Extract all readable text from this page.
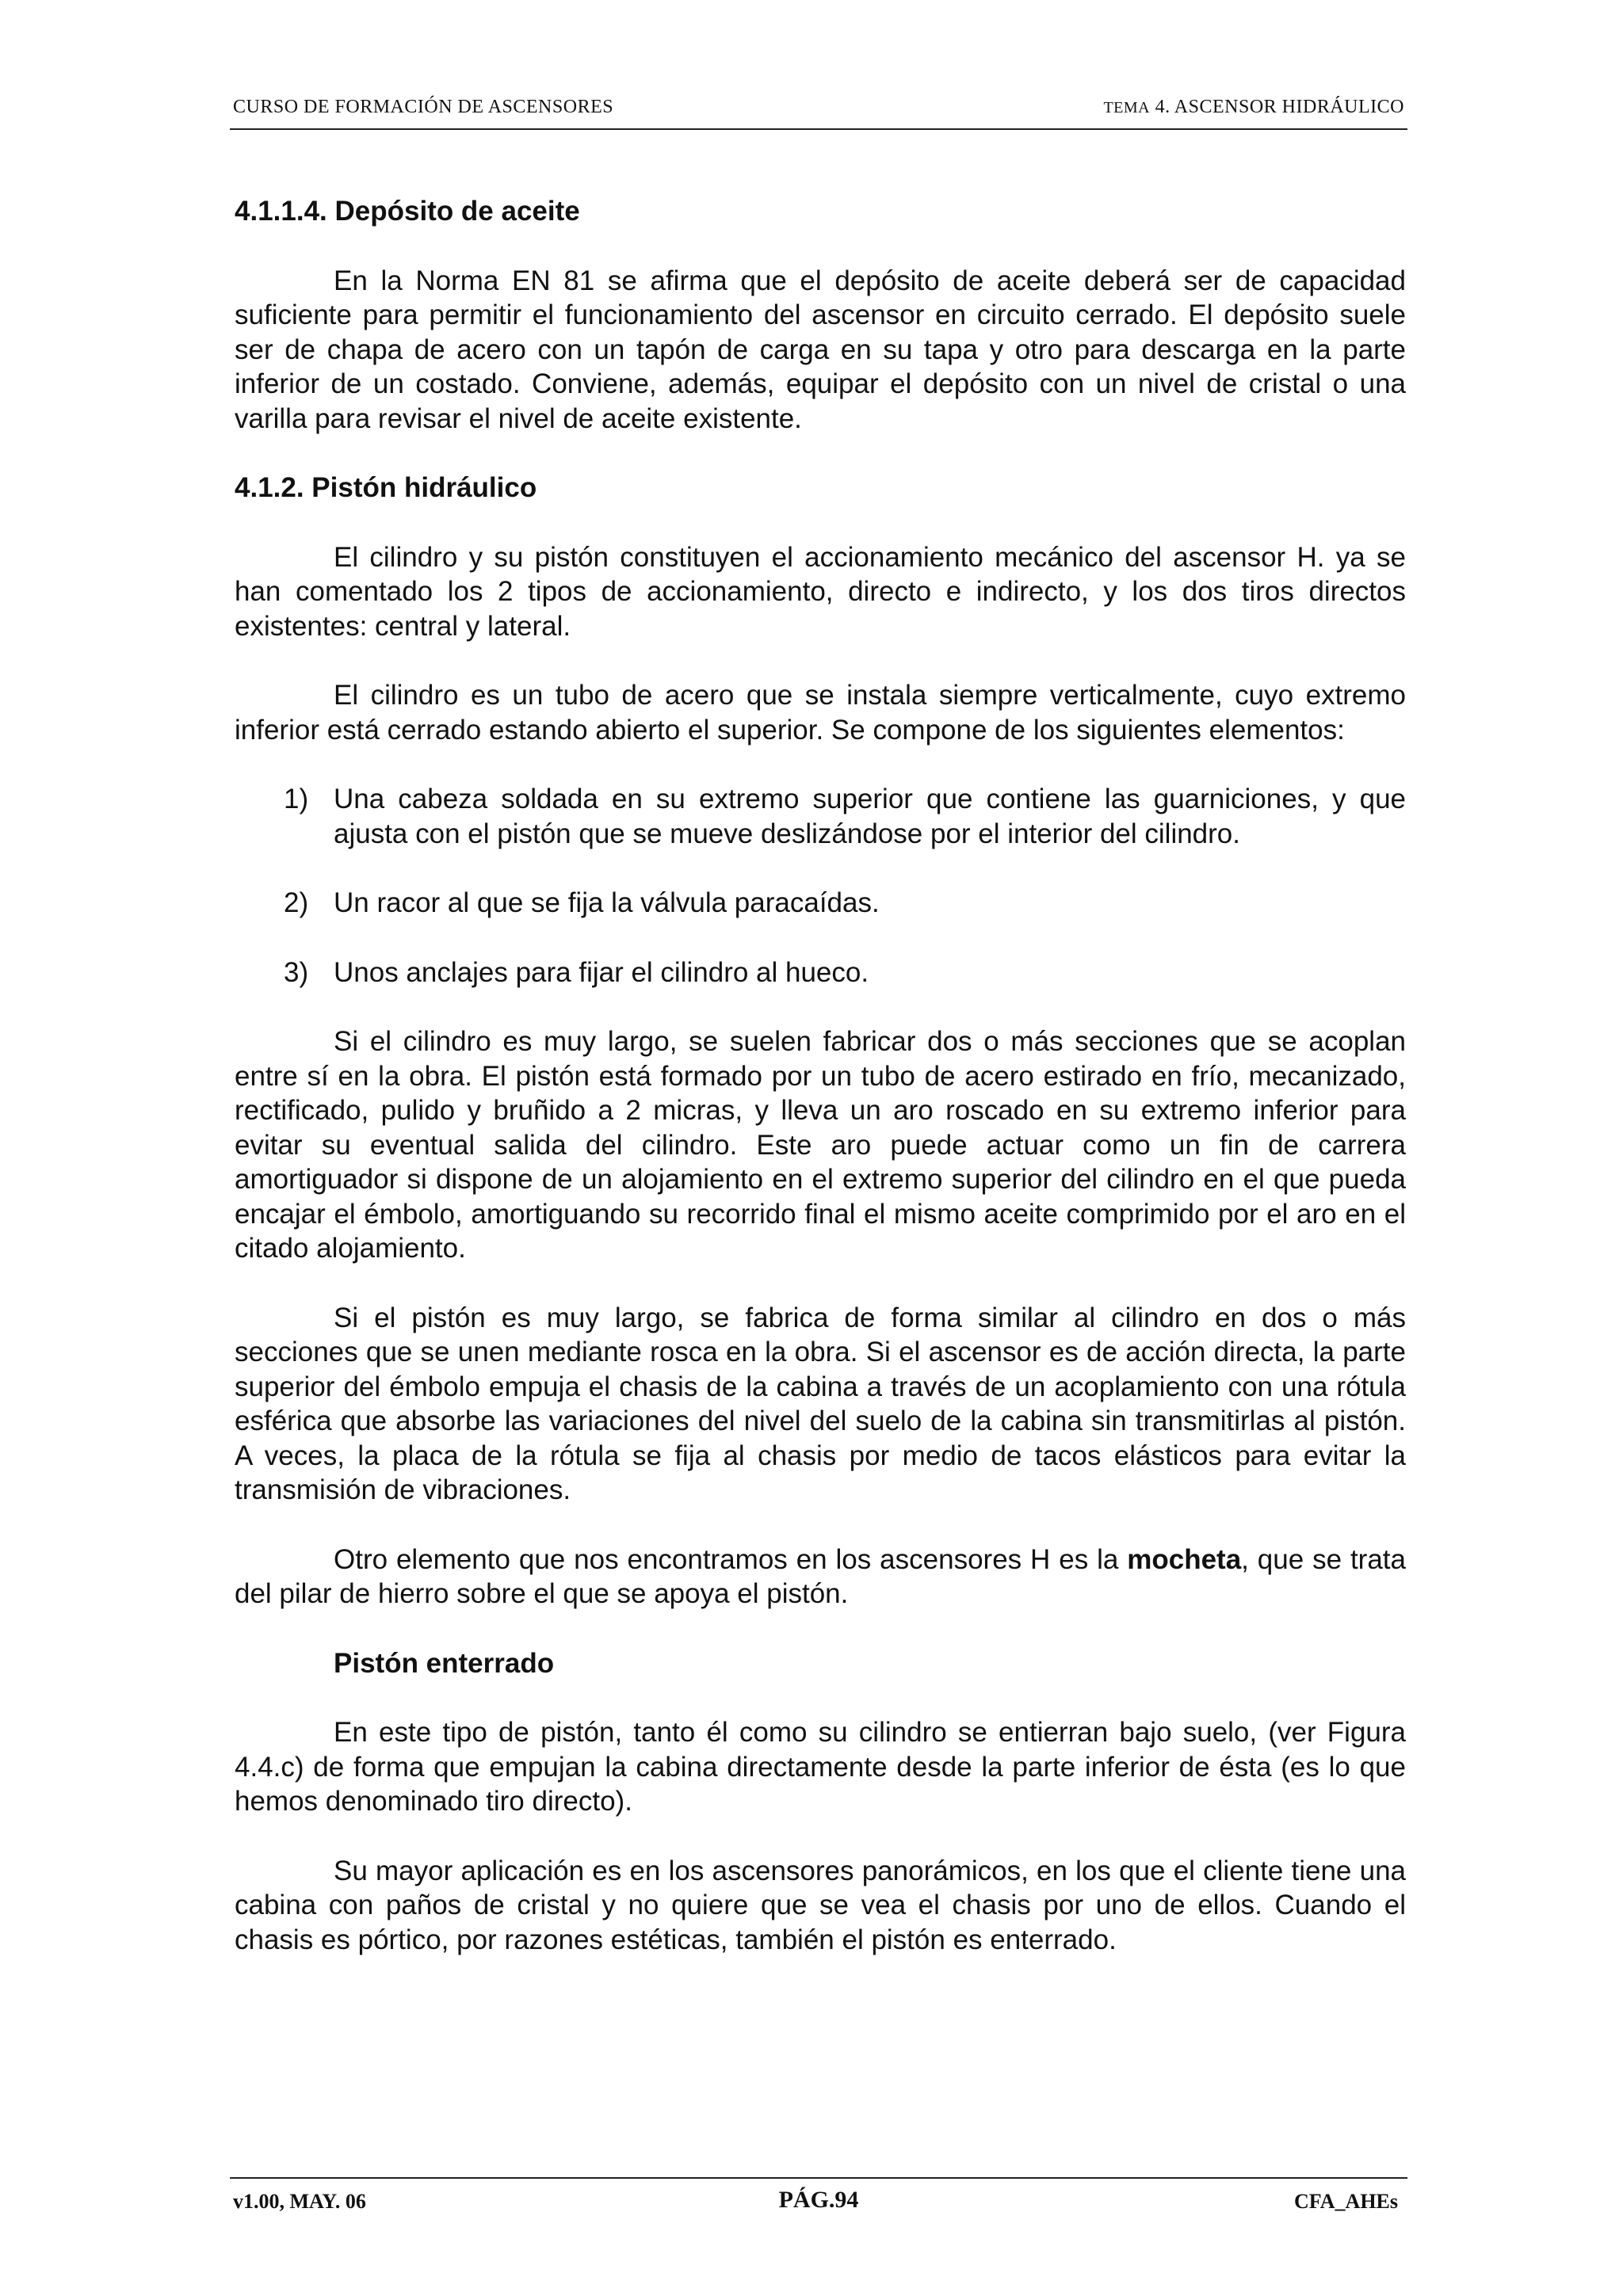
CURSO DE FORMACIÓN DE ASCENSORES	TEMA 4. ASCENSOR HIDRÁULICO
4.1.1.4. Depósito de aceite

En la Norma EN 81 se afirma que el depósito de aceite deberá ser de capacidad suficiente para permitir el funcionamiento del ascensor en circuito cerrado. El depósito suele ser de chapa de acero con un tapón de carga en su tapa y otro para descarga en la parte inferior de un costado. Conviene, además, equipar el depósito con un nivel de cristal o una varilla para revisar el nivel de aceite existente.

4.1.2. Pistón hidráulico

El cilindro y su pistón constituyen el accionamiento mecánico del ascensor H. ya se han comentado los 2 tipos de accionamiento, directo e indirecto, y los dos tiros directos existentes: central y lateral.

El cilindro es un tubo de acero que se instala siempre verticalmente, cuyo extremo inferior está cerrado estando abierto el superior. Se compone de los siguientes elementos:

1) Una cabeza soldada en su extremo superior que contiene las guarniciones, y que ajusta con el pistón que se mueve deslizándose por el interior del cilindro.
2) Un racor al que se fija la válvula paracaídas.
3) Unos anclajes para fijar el cilindro al hueco.

Si el cilindro es muy largo, se suelen fabricar dos o más secciones que se acoplan entre sí en la obra. El pistón está formado por un tubo de acero estirado en frío, mecanizado, rectificado, pulido y bruñido a 2 micras, y lleva un aro roscado en su extremo inferior para evitar su eventual salida del cilindro. Este aro puede actuar como un fin de carrera amortiguador si dispone de un alojamiento en el extremo superior del cilindro en el que pueda encajar el émbolo, amortiguando su recorrido final el mismo aceite comprimido por el aro en el citado alojamiento.

Si el pistón es muy largo, se fabrica de forma similar al cilindro en dos o más secciones que se unen mediante rosca en la obra. Si el ascensor es de acción directa, la parte superior del émbolo empuja el chasis de la cabina a través de un acoplamiento con una rótula esférica que absorbe las variaciones del nivel del suelo de la cabina sin transmitirlas al pistón. A veces, la placa de la rótula se fija al chasis por medio de tacos elásticos para evitar la transmisión de vibraciones.

Otro elemento que nos encontramos en los ascensores H es la mocheta, que se trata del pilar de hierro sobre el que se apoya el pistón.

Pistón enterrado

En este tipo de pistón, tanto él como su cilindro se entierran bajo suelo, (ver Figura 4.4.c) de forma que empujan la cabina directamente desde la parte inferior de ésta (es lo que hemos denominado tiro directo).

Su mayor aplicación es en los ascensores panorámicos, en los que el cliente tiene una cabina con paños de cristal y no quiere que se vea el chasis por uno de ellos. Cuando el chasis es pórtico, por razones estéticas, también el pistón es enterrado.

v1.00, MAY. 06	PÁG.94	CFA_AHEs
